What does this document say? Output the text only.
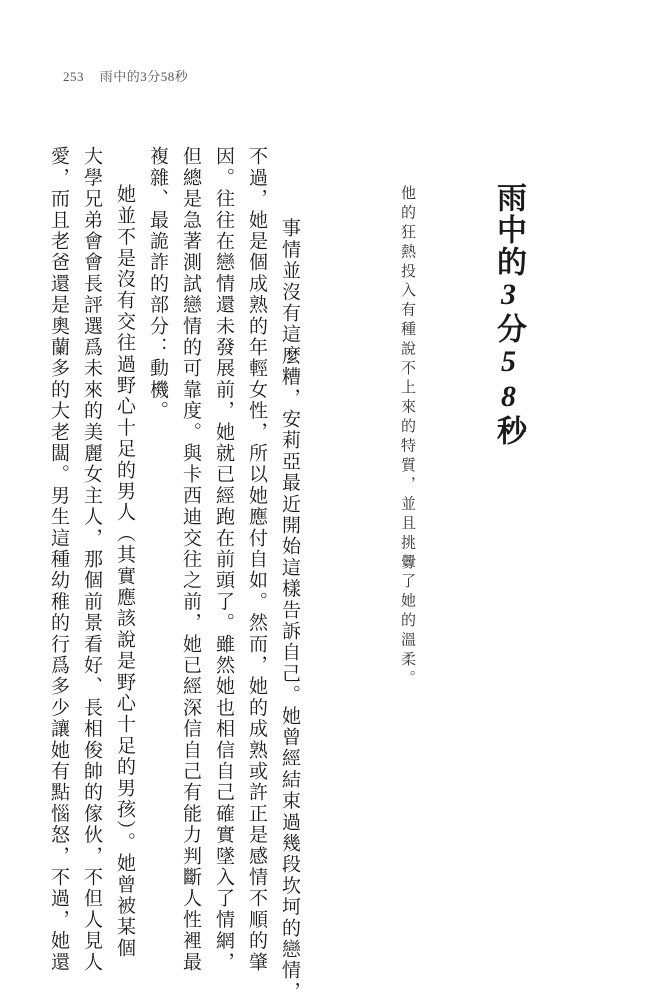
253 雨中的3分58秒
雨中的3分58秒
他的狂熱投入有種說不上來的特質，並且挑釁了她的溫柔。
事情並沒有這麼糟，安莉亞最近開始這樣告訴自己。她曾經結束過幾段坎坷的戀情，
不過，她是個成熟的年輕女性，所以她應付自如。然而，她的成熟或許正是感情不順的肇
因。往往在戀情還未發展前，她就已經跑在前頭了。雖然她也相信自己確實墜入了情網，
但總是急著測試戀情的可靠度。與卡西迪交往之前，她已經深信自己有能力判斷人性裡最
複雜、最詭詐的部分：動機。
她並不是沒有交往過野心十足的男人（其實應該說是野心十足的男孩）。她曾被某個
大學兄弟會會長評選爲未來的美麗女主人，那個前景看好、長相俊帥的傢伙，不但人見人
愛，而且老爸還是奧蘭多的大老闆。男生這種幼稚的行爲多少讓她有點惱怒，不過，她還
